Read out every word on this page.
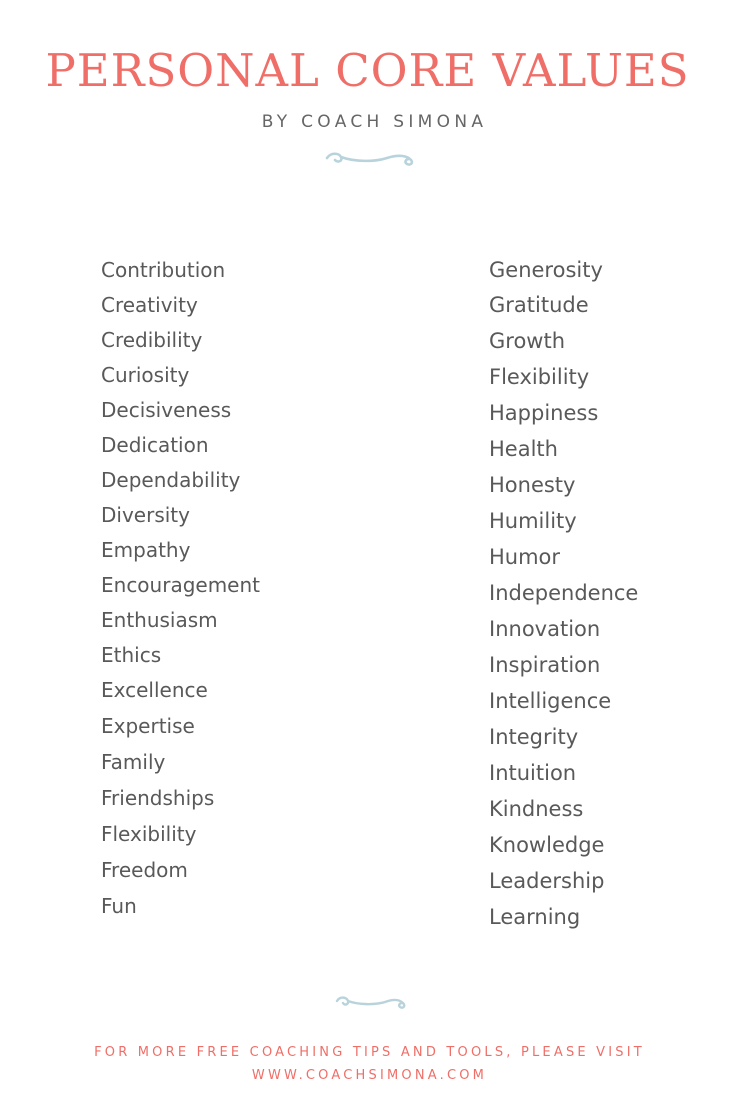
PERSONAL CORE VALUES
BY COACH SIMONA
Contribution
Creativity
Credibility
Curiosity
Decisiveness
Dedication
Dependability
Diversity
Empathy
Encouragement
Enthusiasm
Ethics
Excellence
Expertise
Family
Friendships
Flexibility
Freedom
Fun
Generosity
Gratitude
Growth
Flexibility
Happiness
Health
Honesty
Humility
Humor
Independence
Innovation
Inspiration
Intelligence
Integrity
Intuition
Kindness
Knowledge
Leadership
Learning
FOR MORE FREE COACHING TIPS AND TOOLS, PLEASE VISIT
WWW.COACHSIMONA.COM
